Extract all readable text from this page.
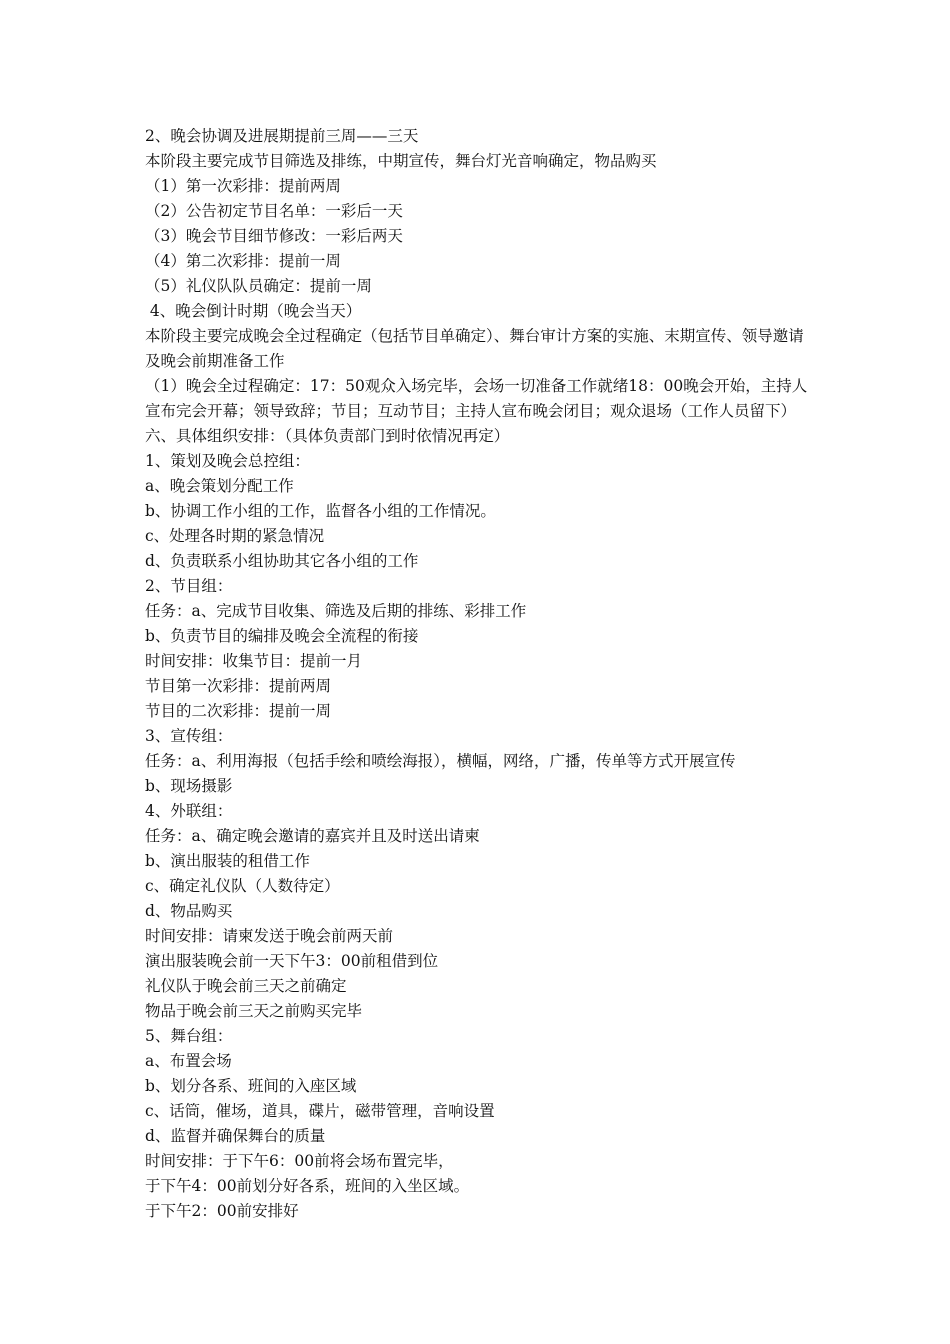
2、晚会协调及进展期提前三周——三天

本阶段主要完成节目筛选及排练，中期宣传，舞台灯光音响确定，物品购买

（1）第一次彩排：提前两周

（2）公告初定节目名单：一彩后一天

（3）晚会节目细节修改：一彩后两天

（4）第二次彩排：提前一周

（5）礼仪队队员确定：提前一周

4、晚会倒计时期（晚会当天）

本阶段主要完成晚会全过程确定（包括节目单确定）、舞台审计方案的实施、末期宣传、领导邀请及晚会前期准备工作

（1）晚会全过程确定：17：50观众入场完毕，会场一切准备工作就绪18：00晚会开始，主持人宣布完会开幕；领导致辞；节目；互动节目；主持人宣布晚会闭目；观众退场（工作人员留下）

六、具体组织安排：（具体负责部门到时依情况再定）

1、策划及晚会总控组：

a、晚会策划分配工作

b、协调工作小组的工作，监督各小组的工作情况。

c、处理各时期的紧急情况

d、负责联系小组协助其它各小组的工作

2、节目组：

任务：a、完成节目收集、筛选及后期的排练、彩排工作

b、负责节目的编排及晚会全流程的衔接

时间安排：收集节目：提前一月

节目第一次彩排：提前两周

节目的二次彩排：提前一周

3、宣传组：

任务：a、利用海报（包括手绘和喷绘海报），横幅，网络，广播，传单等方式开展宣传

b、现场摄影

4、外联组：

任务：a、确定晚会邀请的嘉宾并且及时送出请柬

b、演出服装的租借工作

c、确定礼仪队（人数待定）

d、物品购买

时间安排：请柬发送于晚会前两天前

演出服装晚会前一天下午3：00前租借到位

礼仪队于晚会前三天之前确定

物品于晚会前三天之前购买完毕

5、舞台组：

a、布置会场

b、划分各系、班间的入座区域

c、话筒，催场，道具，碟片，磁带管理，音响设置

d、监督并确保舞台的质量

时间安排：于下午6：00前将会场布置完毕，

于下午4：00前划分好各系，班间的入坐区域。

于下午2：00前安排好
